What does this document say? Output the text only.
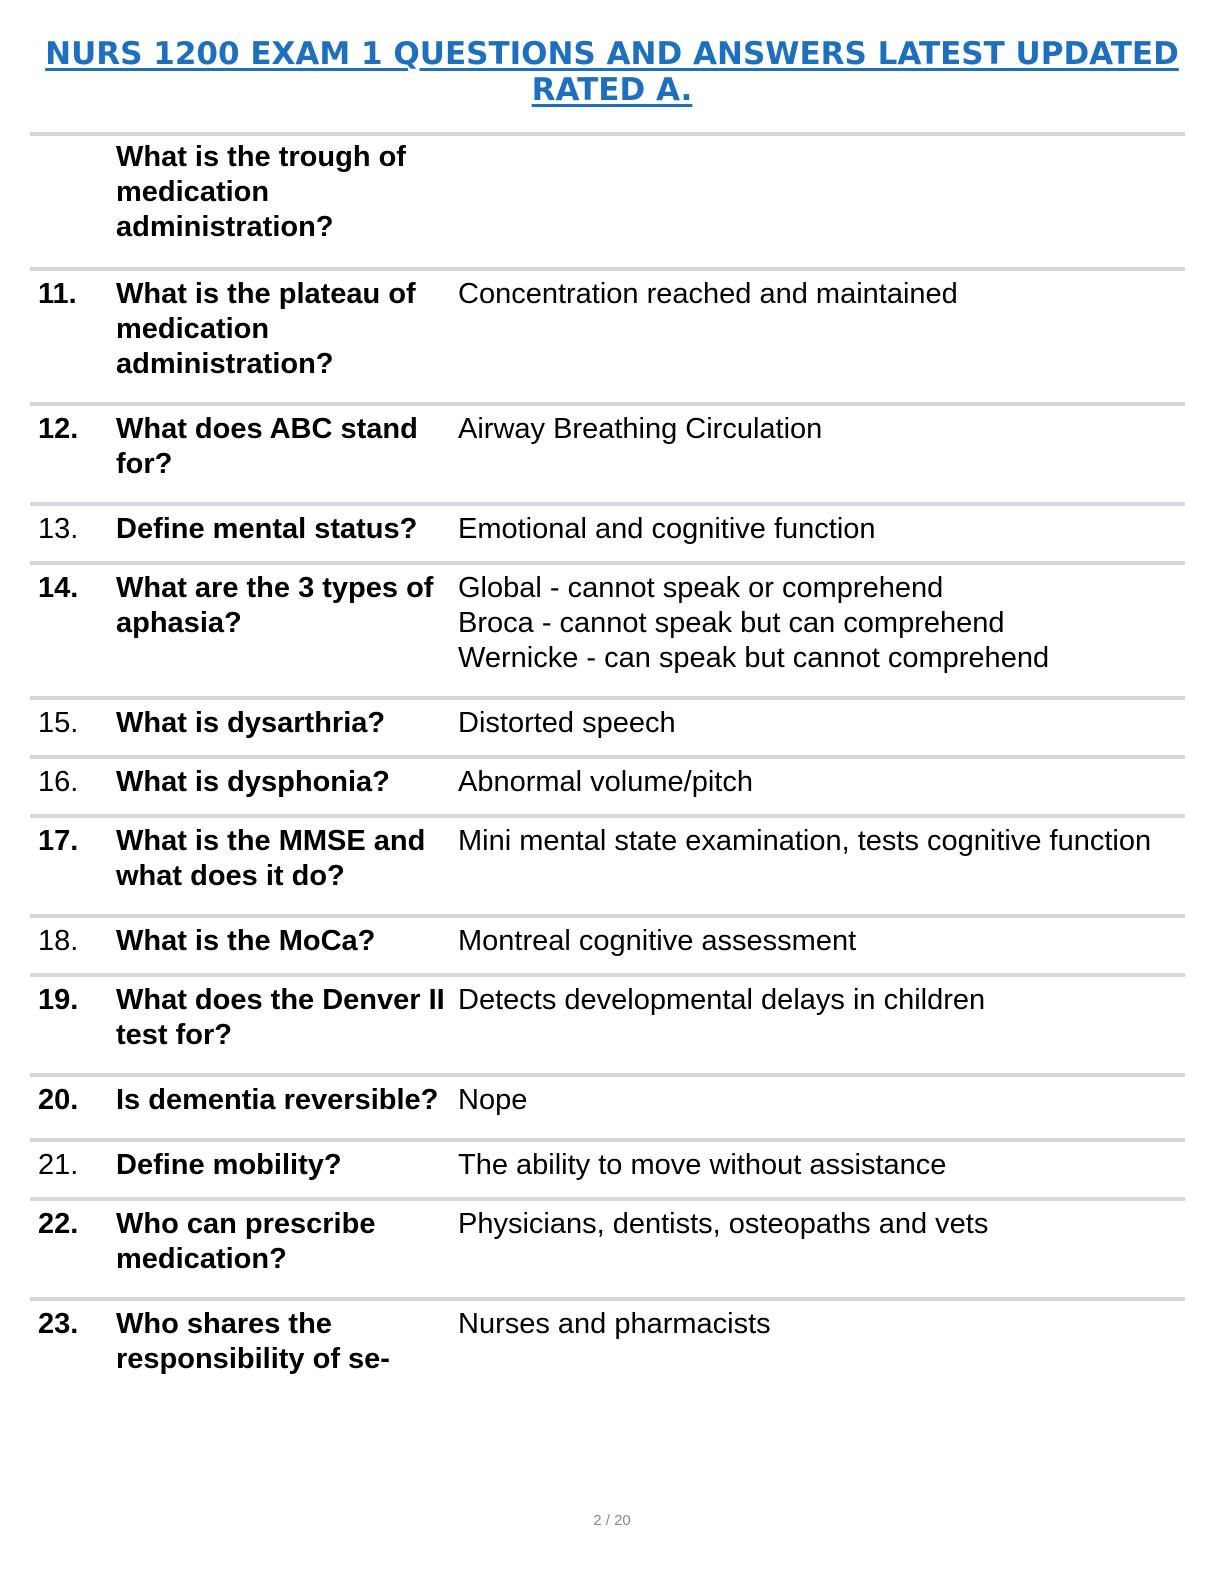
NURS 1200 EXAM 1 QUESTIONS AND ANSWERS LATEST UPDATED RATED A.
	What is the trough of medication administration?	
11.	What is the plateau of medication administration?	Concentration reached and maintained
12.	What does ABC stand for?	Airway Breathing Circulation
13.	Define mental status?	Emotional and cognitive function
14.	What are the 3 types of aphasia?	Global - cannot speak or comprehend
Broca - cannot speak but can comprehend
Wernicke - can speak but cannot comprehend
15.	What is dysarthria?	Distorted speech
16.	What is dysphonia?	Abnormal volume/pitch
17.	What is the MMSE and what does it do?	Mini mental state examination, tests cognitive function
18.	What is the MoCa?	Montreal cognitive assessment
19.	What does the Denver II test for?	Detects developmental delays in children
20.	Is dementia reversible?	Nope
21.	Define mobility?	The ability to move without assistance
22.	Who can prescribe medication?	Physicians, dentists, osteopaths and vets
23.	Who shares the responsibility of se-	Nurses and pharmacists
2 / 20
